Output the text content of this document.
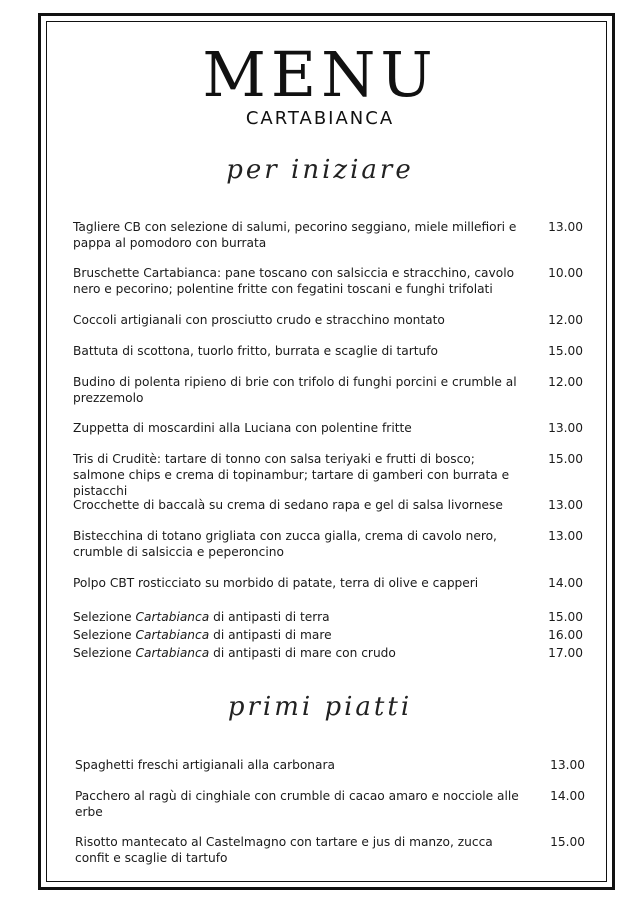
MENU
CARTABIANCA
per iniziare
Tagliere CB con selezione di salumi, pecorino seggiano, miele millefiori e pappa al pomodoro con burrata
13.00
Bruschette Cartabianca: pane toscano con salsiccia e stracchino, cavolo nero e pecorino; polentine fritte con fegatini toscani e funghi trifolati
10.00
Coccoli artigianali con prosciutto crudo e stracchino montato	12.00
Battuta di scottona, tuorlo fritto, burrata e scaglie di tartufo	15.00
Budino di polenta ripieno di brie con trifolo di funghi porcini e crumble al prezzemolo
12.00
Zuppetta di moscardini alla Luciana con polentine fritte	13.00
Tris di Cruditè: tartare di tonno con salsa teriyaki e frutti di bosco; salmone chips e crema di topinambur; tartare di gamberi con burrata e pistacchi
15.00
Crocchette di baccalà su crema di sedano rapa e gel di salsa livornese	13.00
Bistecchina di totano grigliata con zucca gialla, crema di cavolo nero, crumble di salsiccia e peperoncino
13.00
Polpo CBT rosticciato su morbido di patate, terra di olive e capperi	14.00
Selezione Cartabianca di antipasti di terra	15.00
Selezione Cartabianca di antipasti di mare	16.00
Selezione Cartabianca di antipasti di mare con crudo	17.00
primi piatti
Spaghetti freschi artigianali alla carbonara	13.00
Pacchero al ragù di cinghiale con crumble di cacao amaro e nocciole alle erbe
14.00
Risotto mantecato al Castelmagno con tartare e jus di manzo, zucca confit e scaglie di tartufo
15.00
